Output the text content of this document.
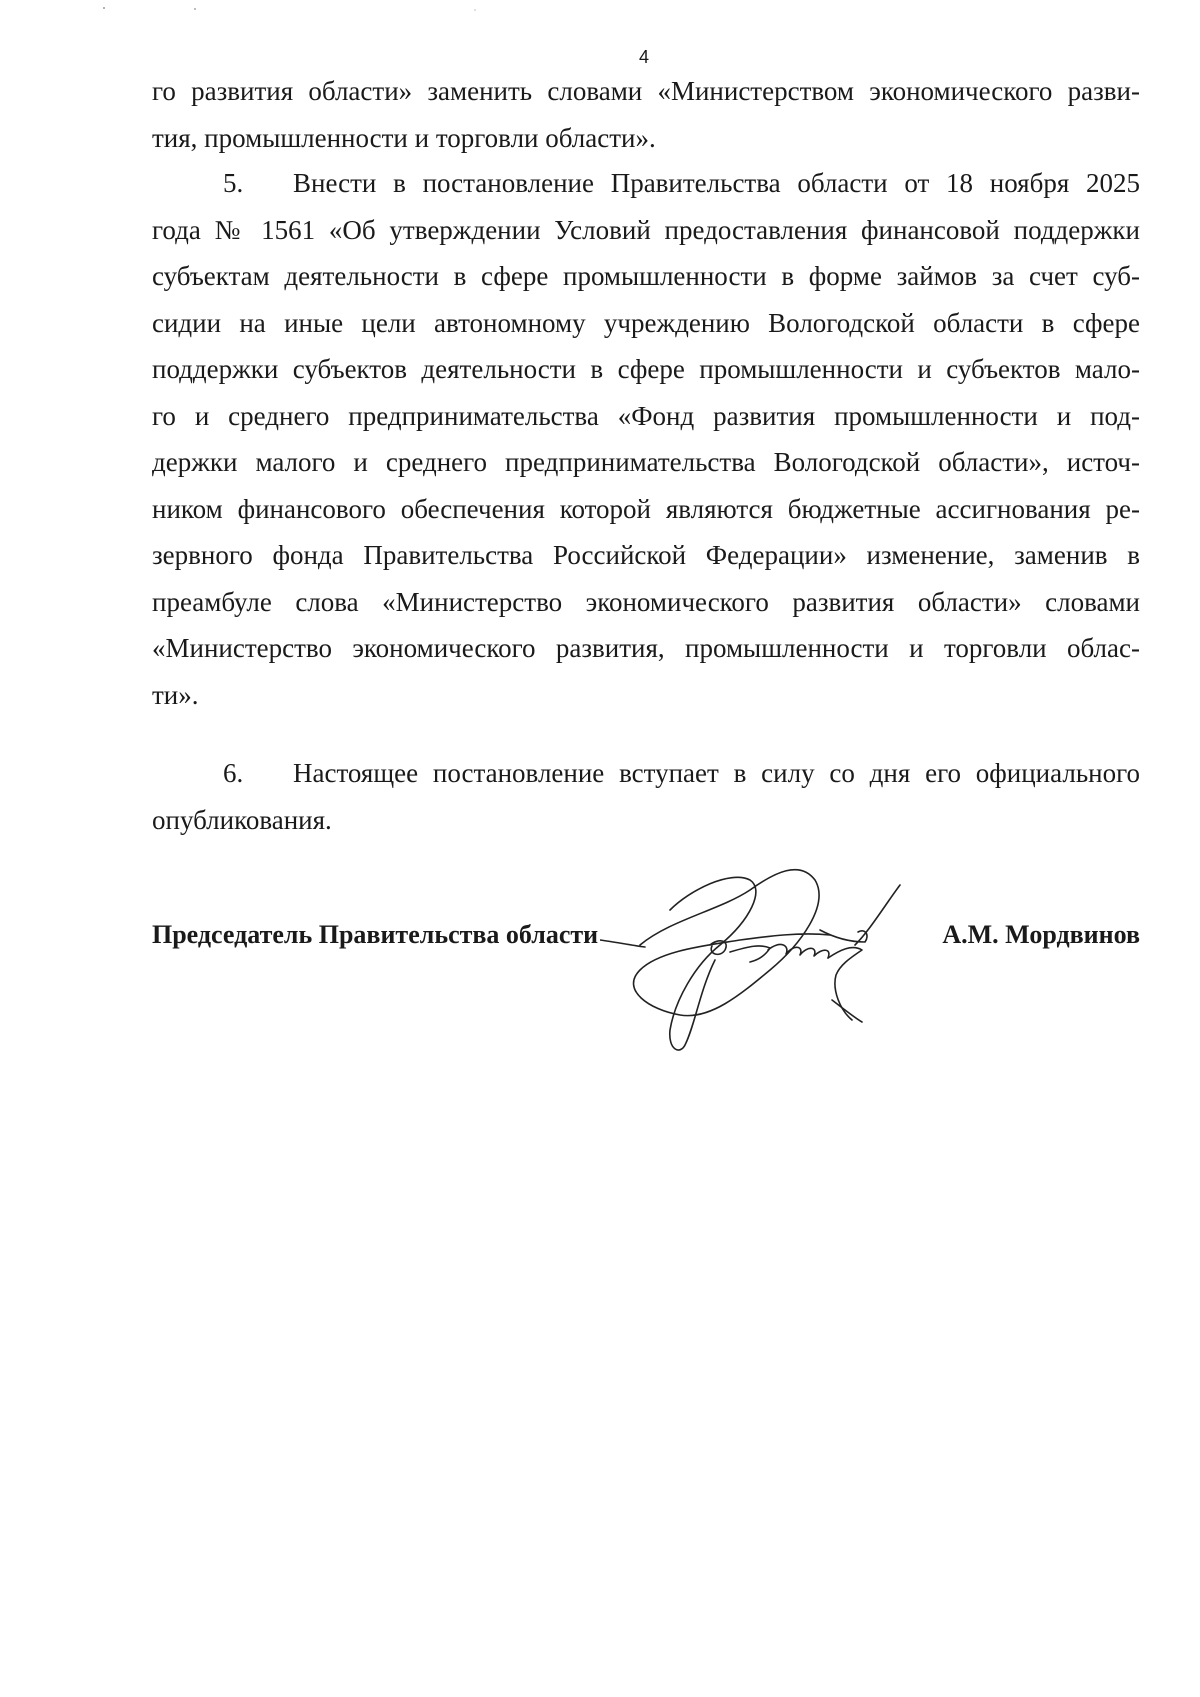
4
го развития области» заменить словами «Министерством экономического разви-
тия, промышленности и торговли области».
5. Внести в постановление Правительства области от 18 ноября 2025
года № 1561 «Об утверждении Условий предоставления финансовой поддержки
субъектам деятельности в сфере промышленности в форме займов за счет суб-
сидии на иные цели автономному учреждению Вологодской области в сфере
поддержки субъектов деятельности в сфере промышленности и субъектов мало-
го и среднего предпринимательства «Фонд развития промышленности и под-
держки малого и среднего предпринимательства Вологодской области», источ-
ником финансового обеспечения которой являются бюджетные ассигнования ре-
зервного фонда Правительства Российской Федерации» изменение, заменив в
преамбуле слова «Министерство экономического развития области» словами
«Министерство экономического развития, промышленности и торговли облас-
ти».
6. Настоящее постановление вступает в силу со дня его официального
опубликования.
Председатель Правительства области	А.М. Мордвинов
